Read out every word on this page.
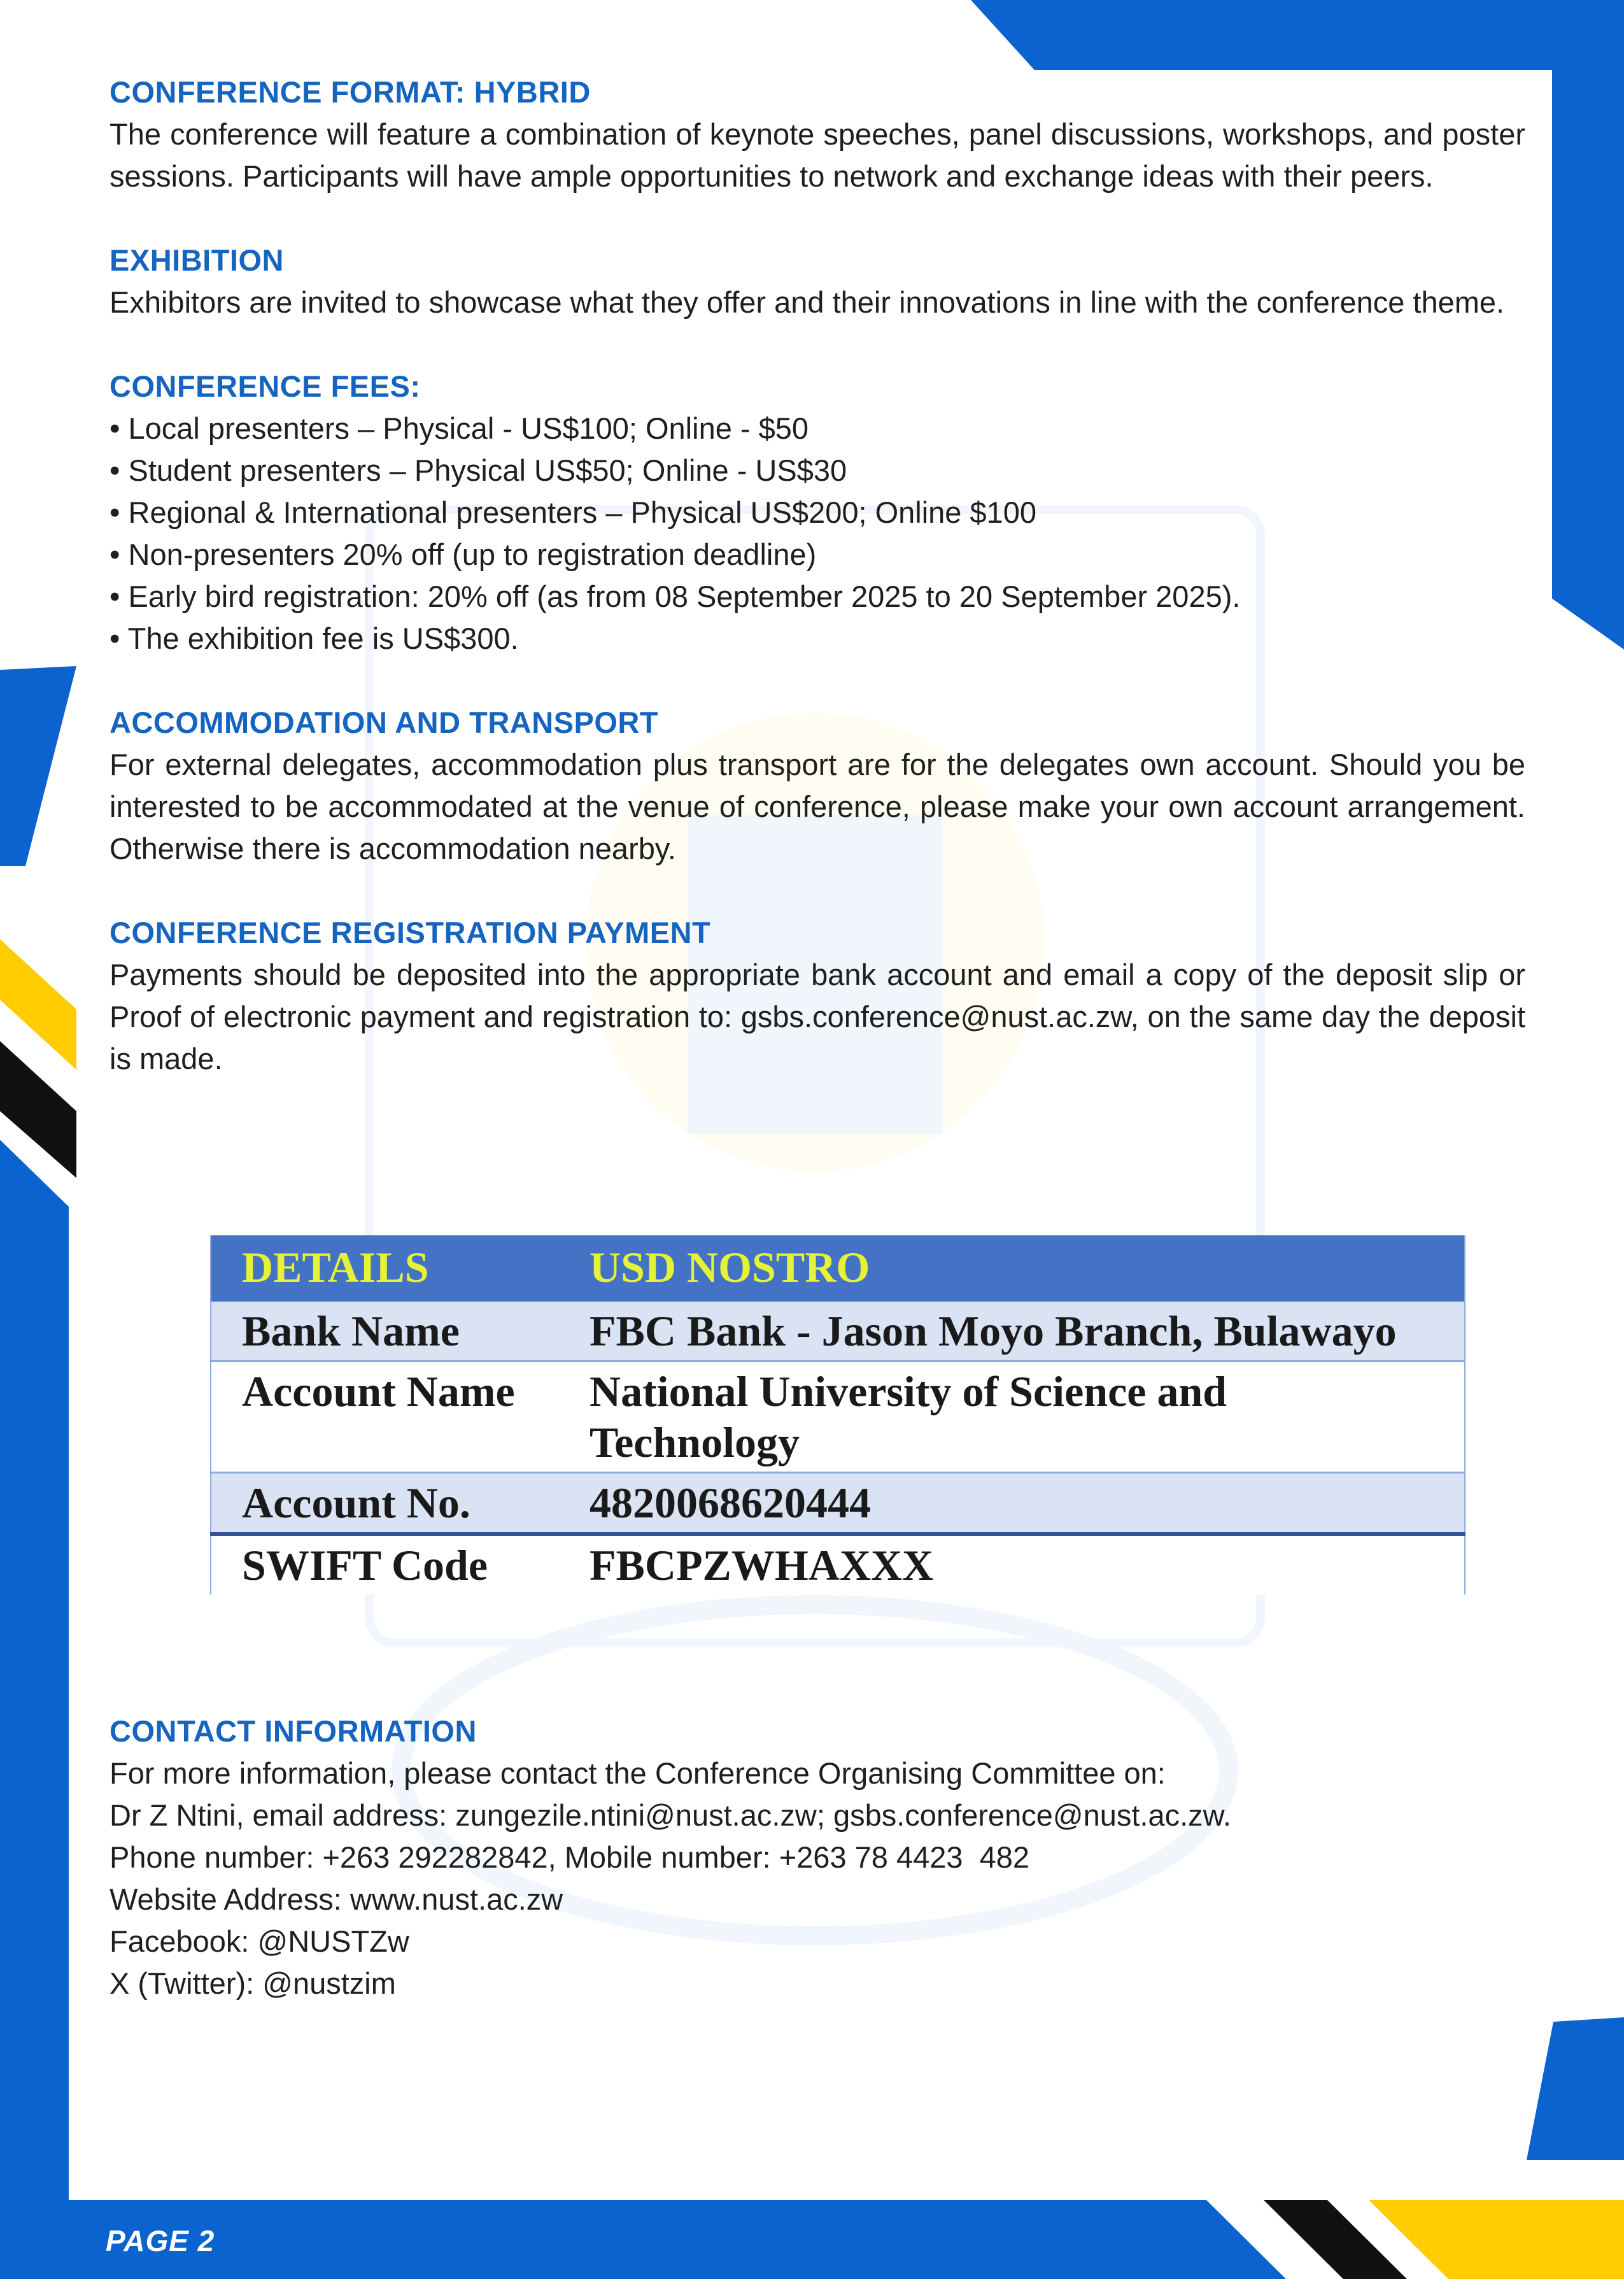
CONFERENCE FORMAT: HYBRID
The conference will feature a combination of keynote speeches, panel discussions, workshops, and poster sessions. Participants will have ample opportunities to network and exchange ideas with their peers.
EXHIBITION
Exhibitors are invited to showcase what they offer and their innovations in line with the conference theme.
CONFERENCE FEES:
• Local presenters – Physical - US$100; Online - $50
• Student presenters – Physical US$50; Online - US$30
• Regional & International presenters – Physical US$200; Online $100
• Non-presenters 20% off (up to registration deadline)
• Early bird registration: 20% off (as from 08 September 2025 to 20 September 2025).
• The exhibition fee is US$300.
ACCOMMODATION AND TRANSPORT
For external delegates, accommodation plus transport are for the delegates own account. Should you be interested to be accommodated at the venue of conference, please make your own account arrangement. Otherwise there is accommodation nearby.
CONFERENCE REGISTRATION PAYMENT
Payments should be deposited into the appropriate bank account and email a copy of the deposit slip or Proof of electronic payment and registration to: gsbs.conference@nust.ac.zw, on the same day the deposit is made.
DETAILS	USD NOSTRO
Bank Name	FBC Bank - Jason Moyo Branch, Bulawayo
Account Name	National University of Science and Technology
Account No.	4820068620444
SWIFT Code	FBCPZWHAXXX
CONTACT INFORMATION
For more information, please contact the Conference Organising Committee on:
Dr Z Ntini, email address: zungezile.ntini@nust.ac.zw; gsbs.conference@nust.ac.zw.
Phone number: +263 292282842, Mobile number: +263 78 4423  482
Website Address: www.nust.ac.zw
Facebook: @NUSTZw
X (Twitter): @nustzim
PAGE 2
